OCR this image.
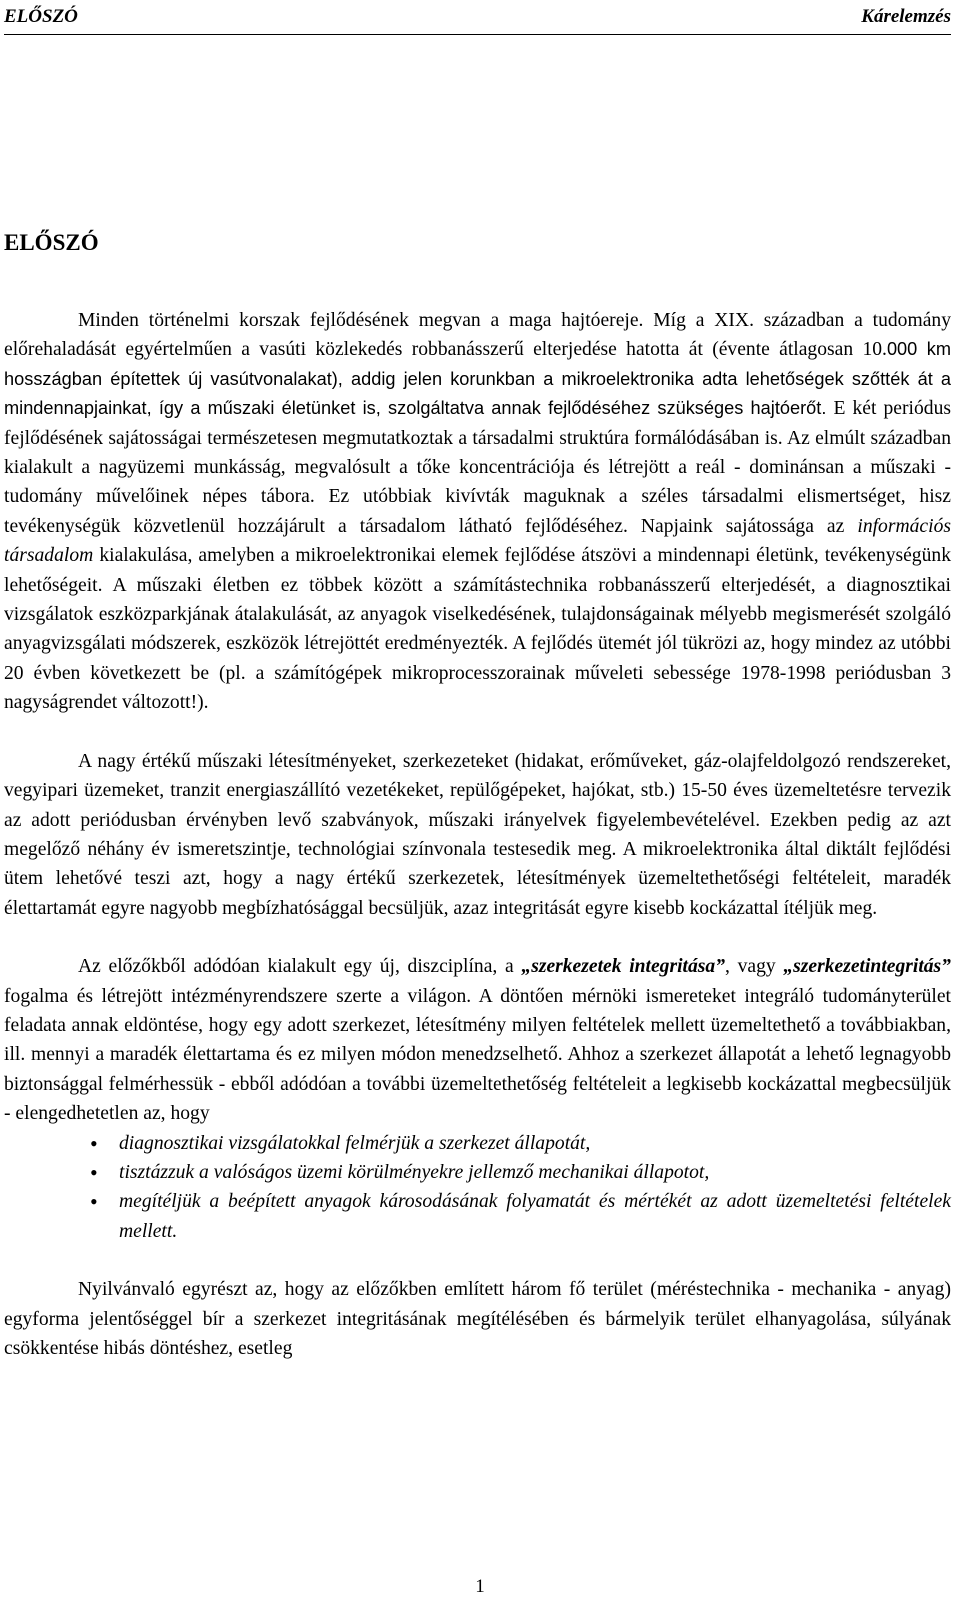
ELŐSZÓ	Kárelemzés
ELŐSZÓ

Minden történelmi korszak fejlődésének megvan a maga hajtóereje. Míg a XIX. században a tudomány előrehaladását egyértelműen a vasúti közlekedés robbanásszerű elterjedése hatotta át (évente átlagosan 10.000 km hosszágban építettek új vasútvonalakat), addig jelen korunkban a mikroelektronika adta lehetőségek szőtték át a mindennapjainkat, így a műszaki életünket is, szolgáltatva annak fejlődéséhez szükséges hajtóerőt. E két periódus fejlődésének sajátosságai természetesen megmutatkoztak a társadalmi struktúra formálódásában is. Az elmúlt században kialakult a nagyüzemi munkásság, megvalósult a tőke koncentrációja és létrejött a reál - dominánsan a műszaki - tudomány művelőinek népes tábora. Ez utóbbiak kivívták maguknak a széles társadalmi elismertséget, hisz tevékenységük közvetlenül hozzájárult a társadalom látható fejlődéséhez. Napjaink sajátossága az információs társadalom kialakulása, amelyben a mikroelektronikai elemek fejlődése átszövi a mindennapi életünk, tevékenységünk lehetőségeit. A műszaki életben ez többek között a számítástechnika robbanásszerű elterjedését, a diagnosztikai vizsgálatok eszközparkjának átalakulását, az anyagok viselkedésének, tulajdonságainak mélyebb megismerését szolgáló anyagvizsgálati módszerek, eszközök létrejöttét eredményezték. A fejlődés ütemét jól tükrözi az, hogy mindez az utóbbi 20 évben következett be (pl. a számítógépek mikroprocesszorainak műveleti sebessége 1978-1998 periódusban 3 nagyságrendet változott!).

A nagy értékű műszaki létesítményeket, szerkezeteket (hidakat, erőműveket, gáz-olajfeldolgozó rendszereket, vegyipari üzemeket, tranzit energiaszállító vezetékeket, repülőgépeket, hajókat, stb.) 15-50 éves üzemeltetésre tervezik az adott periódusban érvényben levő szabványok, műszaki irányelvek figyelembevételével. Ezekben pedig az azt megelőző néhány év ismeretszintje, technológiai színvonala testesedik meg. A mikroelektronika által diktált fejlődési ütem lehetővé teszi azt, hogy a nagy értékű szerkezetek, létesítmények üzemeltethetőségi feltételeit, maradék élettartamát egyre nagyobb megbízhatósággal becsüljük, azaz integritását egyre kisebb kockázattal ítéljük meg.

Az előzőkből adódóan kialakult egy új, diszciplína, a „szerkezetek integritása”, vagy „szerkezetintegritás” fogalma és létrejött intézményrendszere szerte a világon. A döntően mérnöki ismereteket integráló tudományterület feladata annak eldöntése, hogy egy adott szerkezet, létesítmény milyen feltételek mellett üzemeltethető a továbbiakban, ill. mennyi a maradék élettartama és ez milyen módon menedzselhető. Ahhoz a szerkezet állapotát a lehető legnagyobb biztonsággal felmérhessük - ebből adódóan a további üzemeltethetőség feltételeit a legkisebb kockázattal megbecsüljük - elengedhetetlen az, hogy

• diagnosztikai vizsgálatokkal felmérjük a szerkezet állapotát,
• tisztázzuk a valóságos üzemi körülményekre jellemző mechanikai állapotot,
• megítéljük a beépített anyagok károsodásának folyamatát és mértékét az adott üzemeltetési feltételek mellett.

Nyilvánvaló egyrészt az, hogy az előzőkben említett három fő terület (méréstechnika - mechanika - anyag) egyforma jelentőséggel bír a szerkezet integritásának megítélésében és bármelyik terület elhanyagolása, súlyának csökkentése hibás döntéshez, esetleg

1
